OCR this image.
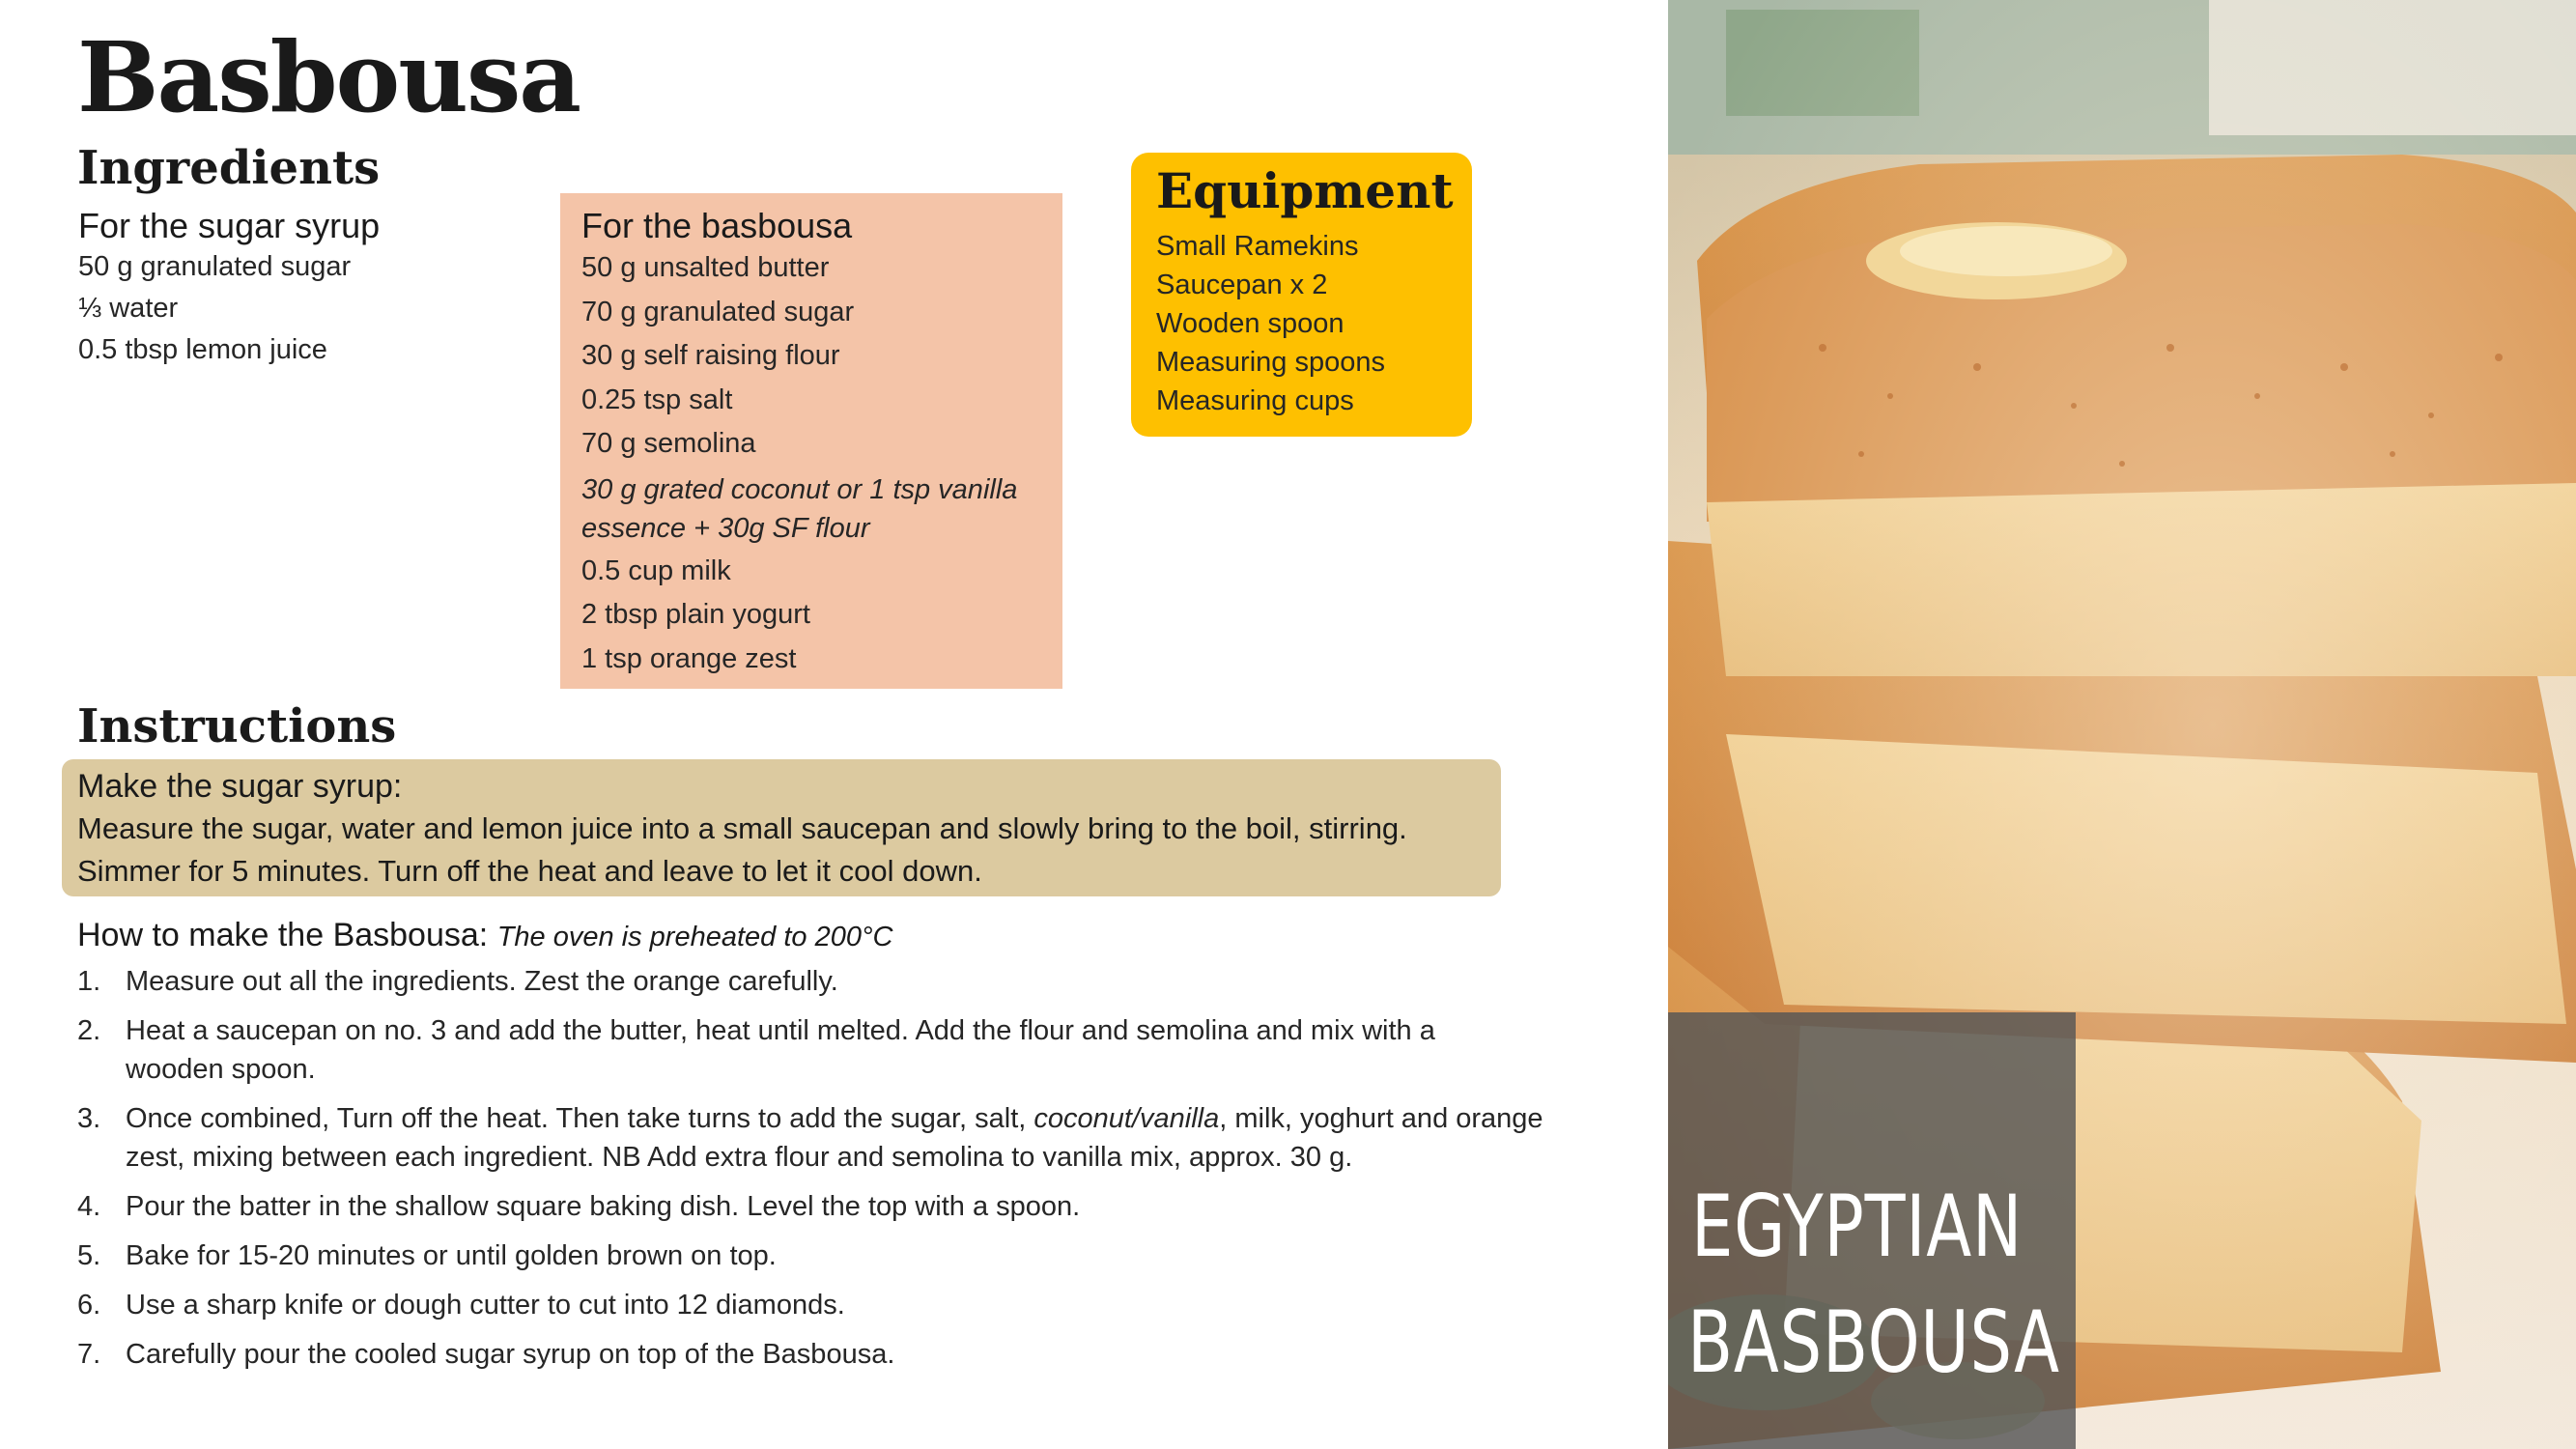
Basbousa
Ingredients
For the sugar syrup
50 g granulated sugar
⅓ water
0.5 tbsp lemon juice
For the basbousa
50 g unsalted butter
70 g granulated sugar
30 g self raising flour
0.25 tsp salt
70 g semolina
30 g grated coconut or 1 tsp vanilla essence + 30g SF flour
0.5 cup milk
2 tbsp plain yogurt
1 tsp orange zest
Equipment
Small Ramekins
Saucepan x 2
Wooden spoon
Measuring spoons
Measuring cups
Instructions
Make the sugar syrup:
Measure the sugar, water and lemon juice into a small saucepan and slowly bring to the boil, stirring. Simmer for 5 minutes. Turn off the heat and leave to let it cool down.
How to make the Basbousa: The oven is preheated to 200°C
1. Measure out all the ingredients. Zest the orange carefully.
2. Heat a saucepan on no. 3 and add the butter, heat until melted. Add the flour and semolina and mix with a wooden spoon.
3. Once combined, Turn off the heat. Then take turns to add the sugar, salt, coconut/vanilla, milk, yoghurt and orange zest, mixing between each ingredient. NB Add extra flour and semolina to vanilla mix, approx. 30 g.
4. Pour the batter in the shallow square baking dish. Level the top with a spoon.
5. Bake for 15-20 minutes or until golden brown on top.
6. Use a sharp knife or dough cutter to cut into 12 diamonds.
7. Carefully pour the cooled sugar syrup on top of the Basbousa.
EGYPTIAN
BASBOUSA
